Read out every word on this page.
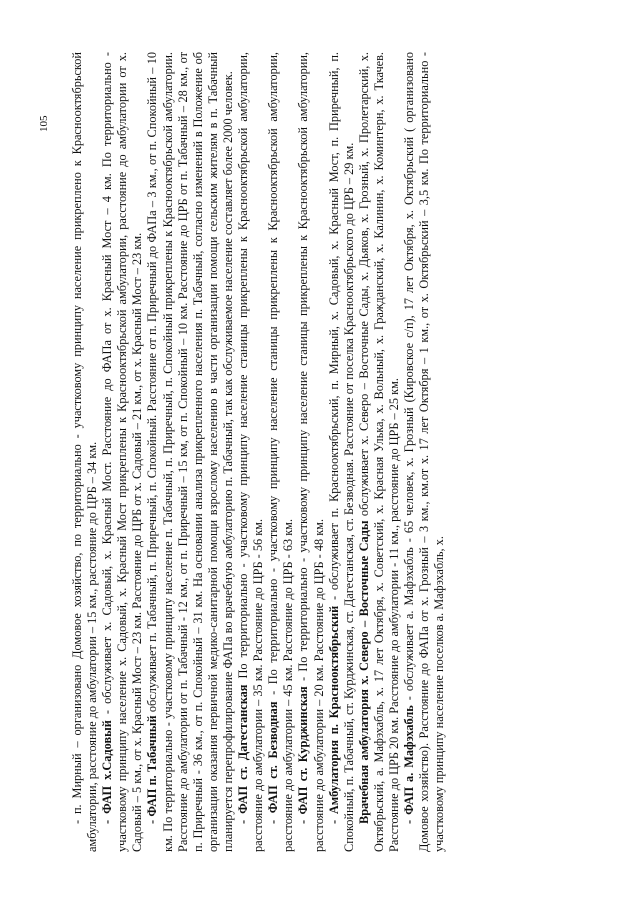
105 - п. Мирный – организовано Домовое хозяйство, по территориально - участковому принципу население прикреплено к Краснооктябрьской амбулатории, расстояние до амбулатории – 15 км., расстояние до ЦРБ – 34 км. - ФАП х.Садовый - обслуживает х. Садовый, х. Красный Мост. Расстояние до ФАПа от х. Красный Мост – 4 км. По территориально - участковому принципу население х. Садовый, х. Красный Мост прикреплены к Краснооктябрьской амбулатории, расстояние до амбулатории от х. Садовый – 5 км., от х. Красный Мост – 23 км. Расстояние до ЦРБ от х. Садовый – 21 км., от х. Красный Мост – 23 км. - ФАП п. Табачный обслуживает п. Табачный, п. Приречный, п. Спокойный. Расстояние от п. Приречный до ФАПа – 3 км., от п. Спокойный – 10 км. По территориально - участковому принципу население п. Табачный, п. Приречный, п. Спокойный прикреплены к Краснооктябрьской амбулатории. Расстояние до амбулатории от п. Табачный - 12 км., от п. Приречный – 15 км, от п. Спокойный – 10 км. Расстояние до ЦРБ от п. Табачный – 28 км., от п. Приречный - 36 км., от п. Спокойный – 31 км. На основании анализа прикрепленного населения п. Табачный, согласно изменений в Положение об организации оказания первичной медико-санитарной помощи взрослому населению в части организации помощи сельским жителям в п. Табачный планируется перепрофилирование ФАПа во врачебную амбулаторию п. Табачный, так как обслуживаемое население составляет более 2000 человек. - ФАП ст. Дагестанская По территориально - участковому принципу население станицы прикреплены к Краснооктябрьской амбулатории, расстояние до амбулатории – 35 км. Расстояние до ЦРБ - 56 км. - ФАП ст. Безводная - По территориально - участковому принципу население станицы прикреплены к Краснооктябрьской амбулатории, расстояние до амбулатории – 45 км. Расстояние до ЦРБ - 63 км. - ФАП ст. Курджинская - По территориально - участковому принципу население станицы прикреплены к Краснооктябрьской амбулатории, расстояние до амбулатории – 20 км. Расстояние до ЦРБ - 48 км. - Амбулатория п. Краснооктябрьский - обслуживает п. Краснооктябрьский, п. Мирный, х. Садовый, х. Красный Мост, п. Приречный, п. Спокойный, п. Табачный, ст. Курджинская, ст. Дагестанская, ст. Безводная. Расстояние от поселка Краснооктябрьского до ЦРБ – 29 км. Врачебная амбулатория х. Северо – Восточные Сады обслуживает х. Северо – Восточные Сады, х. Дьяков, х. Грозный, х. Пролетарский, х. Октябрьский, а. Мафэхабль, х. 17 лет Октября, х. Советский, х. Красная Улька, х. Вольный, х. Гражданский, х. Калинин, х. Коминтерн, х. Ткачев. Расстояние до ЦРБ 20 км. Расстояние до амбулатории - 11 км., расстояние до ЦРБ – 25 км. - ФАП а. Мафэхабль - обслуживает а. Мафэхабль - 65 человек, х. Грозный (Кировское с/п), 17 лет Октября, х. Октябрьский ( организовано Домовое хозяйство). Расстояние до ФАПа от х. Грозный – 3 км., км.от х. 17 лет Октября – 1 км., от х. Октябрьский – 3,5 км. По территориально - участковому принципу население поселков а. Мафэхабль, х.
